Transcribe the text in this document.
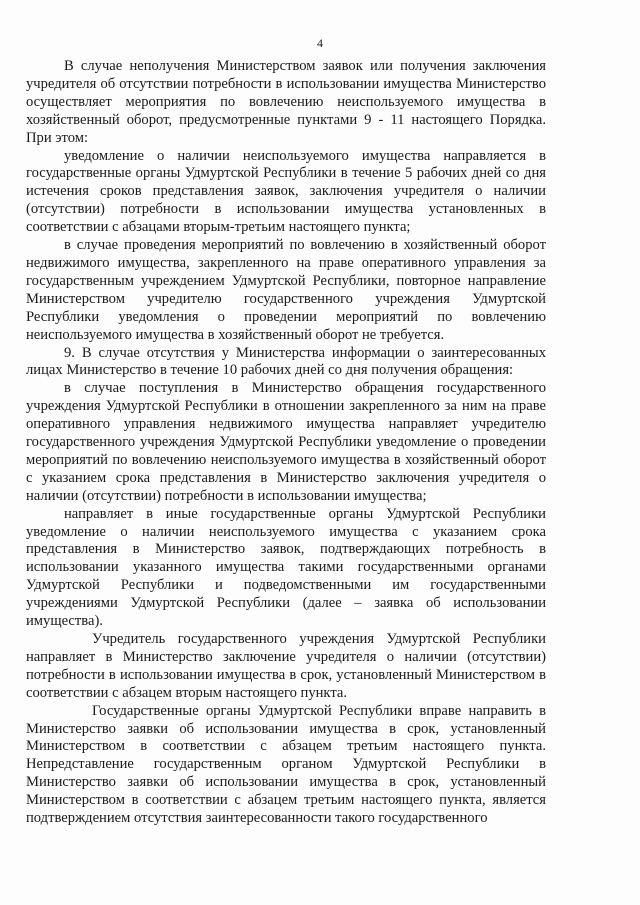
4

В случае неполучения Министерством заявок или получения заключения учредителя об отсутствии потребности в использовании имущества Министерство осуществляет мероприятия по вовлечению неиспользуемого имущества в хозяйственный оборот, предусмотренные пунктами 9 - 11 настоящего Порядка. При этом:

уведомление о наличии неиспользуемого имущества направляется в государственные органы Удмуртской Республики в течение 5 рабочих дней со дня истечения сроков представления заявок, заключения учредителя о наличии (отсутствии) потребности в использовании имущества установленных в соответствии с абзацами вторым-третьим настоящего пункта;

в случае проведения мероприятий по вовлечению в хозяйственный оборот недвижимого имущества, закрепленного на праве оперативного управления за государственным учреждением Удмуртской Республики, повторное направление Министерством учредителю государственного учреждения Удмуртской Республики уведомления о проведении мероприятий по вовлечению неиспользуемого имущества в хозяйственный оборот не требуется.

9. В случае отсутствия у Министерства информации о заинтересованных лицах Министерство в течение 10 рабочих дней со дня получения обращения:

в случае поступления в Министерство обращения государственного учреждения Удмуртской Республики в отношении закрепленного за ним на праве оперативного управления недвижимого имущества направляет учредителю государственного учреждения Удмуртской Республики уведомление о проведении мероприятий по вовлечению неиспользуемого имущества в хозяйственный оборот с указанием срока представления в Министерство заключения учредителя о наличии (отсутствии) потребности в использовании имущества;

направляет в иные государственные органы Удмуртской Республики уведомление о наличии неиспользуемого имущества с указанием срока представления в Министерство заявок, подтверждающих потребность в использовании указанного имущества такими государственными органами Удмуртской Республики и подведомственными им государственными учреждениями Удмуртской Республики (далее – заявка об использовании имущества).

Учредитель государственного учреждения Удмуртской Республики направляет в Министерство заключение учредителя о наличии (отсутствии) потребности в использовании имущества в срок, установленный Министерством в соответствии с абзацем вторым настоящего пункта.

Государственные органы Удмуртской Республики вправе направить в Министерство заявки об использовании имущества в срок, установленный Министерством в соответствии с абзацем третьим настоящего пункта. Непредставление государственным органом Удмуртской Республики в Министерство заявки об использовании имущества в срок, установленный Министерством в соответствии с абзацем третьим настоящего пункта, является подтверждением отсутствия заинтересованности такого государственного
